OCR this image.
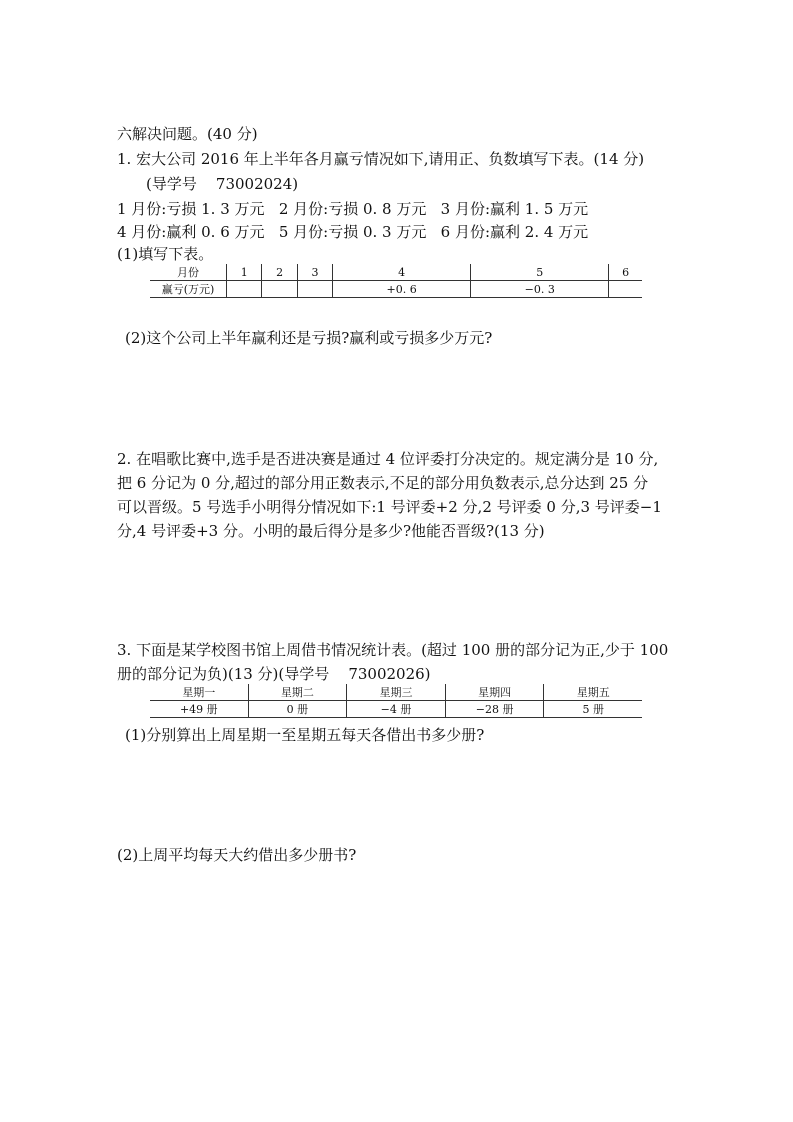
六解决问题。(40 分)
1. 宏大公司 2016 年上半年各月赢亏情况如下,请用正、负数填写下表。(14 分)
(导学号    73002024)
1 月份:亏损 1. 3 万元   2 月份:亏损 0. 8 万元   3 月份:赢利 1. 5 万元
4 月份:赢利 0. 6 万元   5 月份:亏损 0. 3 万元   6 月份:赢利 2. 4 万元
(1)填写下表。
月份	1	2	3	4	5	6
赢亏(万元)				+0. 6	−0. 3	
(2)这个公司上半年赢利还是亏损?赢利或亏损多少万元?
2. 在唱歌比赛中,选手是否进决赛是通过 4 位评委打分决定的。规定满分是 10 分,
把 6 分记为 0 分,超过的部分用正数表示,不足的部分用负数表示,总分达到 25 分
可以晋级。5 号选手小明得分情况如下:1 号评委+2 分,2 号评委 0 分,3 号评委−1
分,4 号评委+3 分。小明的最后得分是多少?他能否晋级?(13 分)
3. 下面是某学校图书馆上周借书情况统计表。(超过 100 册的部分记为正,少于 100
册的部分记为负)(13 分)(导学号    73002026)
星期一	星期二	星期三	星期四	星期五
+49 册	0 册	−4 册	−28 册	5 册
(1)分别算出上周星期一至星期五每天各借出书多少册?
(2)上周平均每天大约借出多少册书?
